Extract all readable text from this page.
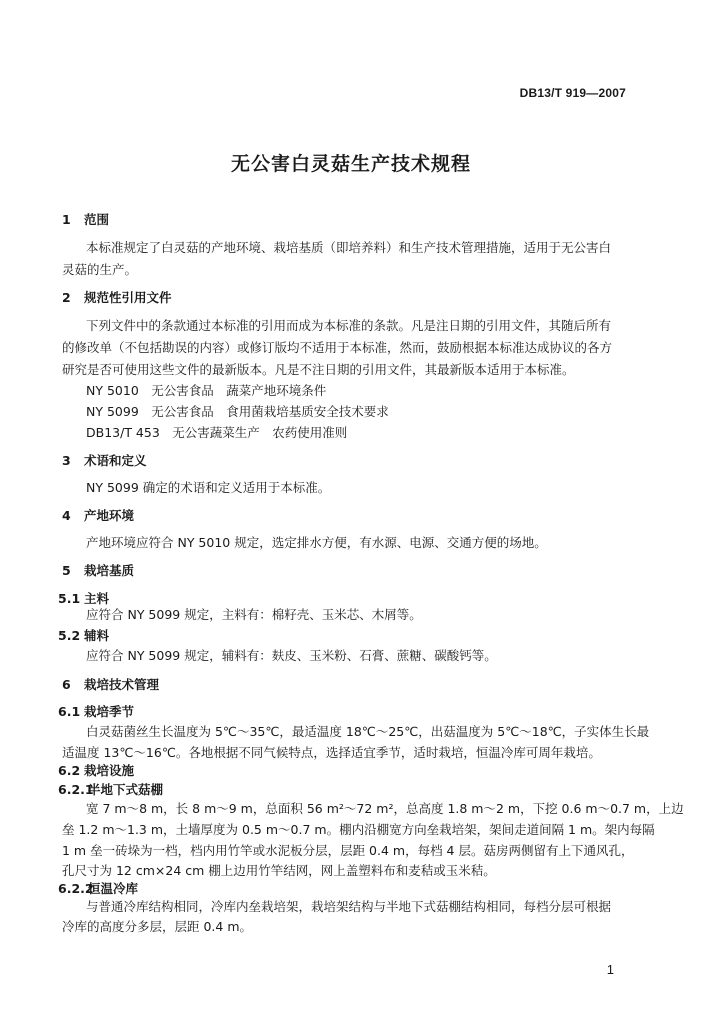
DB13/T 919—2007
无公害白灵菇生产技术规程
1 范围
本标准规定了白灵菇的产地环境、栽培基质（即培养料）和生产技术管理措施，适用于无公害白
灵菇的生产。
2 规范性引用文件
下列文件中的条款通过本标准的引用而成为本标准的条款。凡是注日期的引用文件，其随后所有
的修改单（不包括勘误的内容）或修订版均不适用于本标准，然而，鼓励根据本标准达成协议的各方
研究是否可使用这些文件的最新版本。凡是不注日期的引用文件，其最新版本适用于本标准。
NY 5010　无公害食品　蔬菜产地环境条件
NY 5099　无公害食品　食用菌栽培基质安全技术要求
DB13/T 453　无公害蔬菜生产　农药使用准则
3 术语和定义
NY 5099 确定的术语和定义适用于本标准。
4 产地环境
产地环境应符合 NY 5010 规定，选定排水方便，有水源、电源、交通方便的场地。
5 栽培基质
5.1 主料
应符合 NY 5099 规定，主料有：棉籽壳、玉米芯、木屑等。
5.2 辅料
应符合 NY 5099 规定，辅料有：麸皮、玉米粉、石膏、蔗糖、碳酸钙等。
6 栽培技术管理
6.1 栽培季节
白灵菇菌丝生长温度为 5℃～35℃，最适温度 18℃～25℃，出菇温度为 5℃～18℃，子实体生长最
适温度 13℃～16℃。各地根据不同气候特点，选择适宜季节，适时栽培，恒温冷库可周年栽培。
6.2 栽培设施
6.2.1半地下式菇棚
宽 7 m～8 m，长 8 m～9 m，总面积 56 m²～72 m²，总高度 1.8 m～2 m，下挖 0.6 m～0.7 m，上边
垒 1.2 m～1.3 m，土墙厚度为 0.5 m～0.7 m。棚内沿棚宽方向垒栽培架，架间走道间隔 1 m。架内每隔
1 m 垒一砖垛为一档，档内用竹竿或水泥板分层，层距 0.4 m，每档 4 层。菇房两侧留有上下通风孔，
孔尺寸为 12 cm×24 cm 棚上边用竹竿结网，网上盖塑料布和麦秸或玉米秸。
6.2.2恒温冷库
与普通冷库结构相同，冷库内垒栽培架，栽培架结构与半地下式菇棚结构相同，每档分层可根据
冷库的高度分多层，层距 0.4 m。
1
